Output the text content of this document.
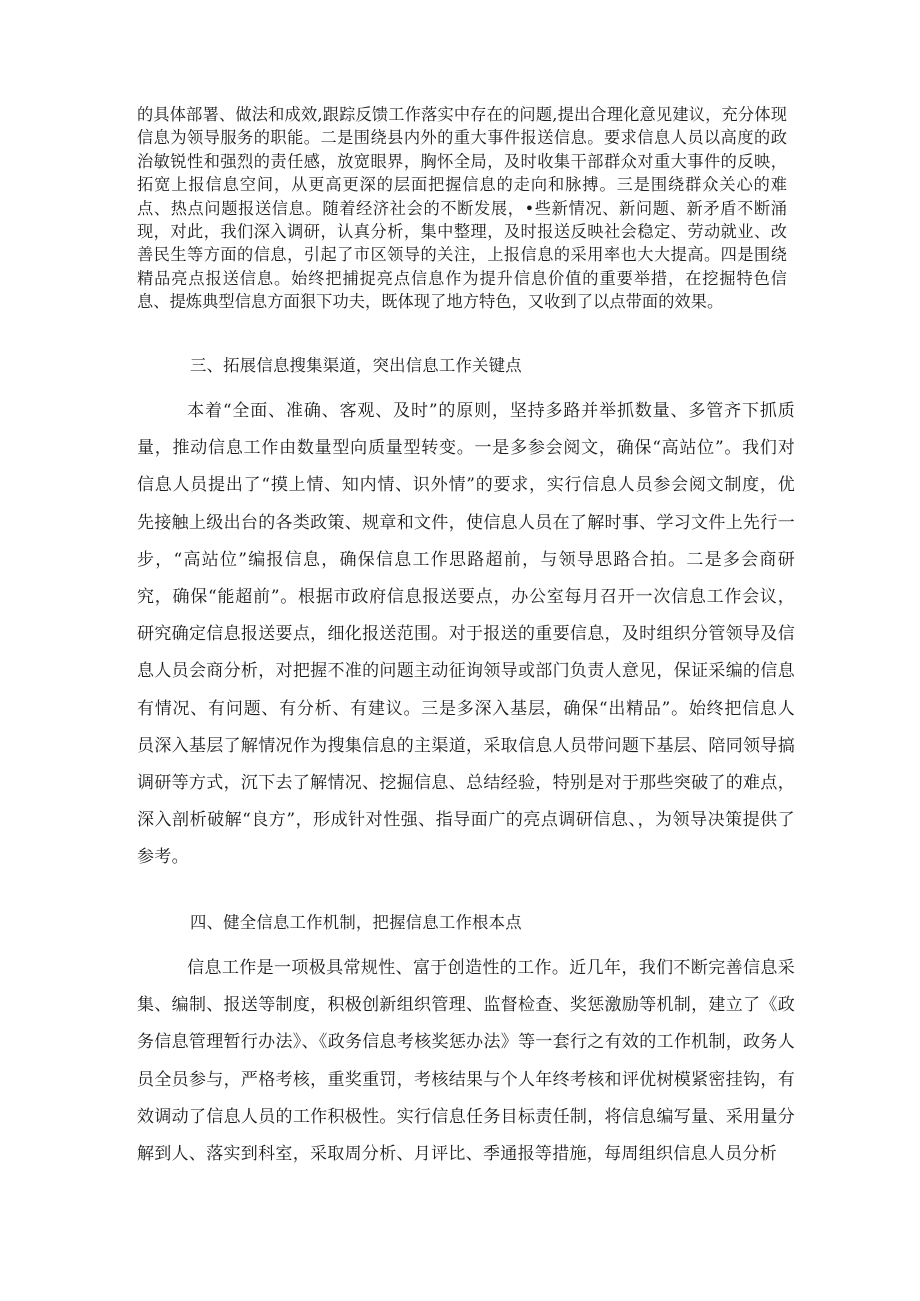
的具体部署、做法和成效,跟踪反馈工作落实中存在的问题,提出合理化意见建议，充分体现信息为领导服务的职能。二是围绕县内外的重大事件报送信息。要求信息人员以高度的政治敏锐性和强烈的责任感，放宽眼界，胸怀全局，及时收集干部群众对重大事件的反映，拓宽上报信息空间，从更高更深的层面把握信息的走向和脉搏。三是围绕群众关心的难点、热点问题报送信息。随着经济社会的不断发展，•些新情况、新问题、新矛盾不断涌现，对此，我们深入调研，认真分析，集中整理，及时报送反映社会稳定、劳动就业、改善民生等方面的信息，引起了市区领导的关注，上报信息的采用率也大大提高。四是围绕精品亮点报送信息。始终把捕捉亮点信息作为提升信息价值的重要举措，在挖掘特色信息、提炼典型信息方面狠下功夫，既体现了地方特色，又收到了以点带面的效果。

三、拓展信息搜集渠道，突出信息工作关键点

本着“全面、准确、客观、及时”的原则，坚持多路并举抓数量、多管齐下抓质量，推动信息工作由数量型向质量型转变。一是多参会阅文，确保“高站位”。我们对信息人员提出了“摸上情、知内情、识外情”的要求，实行信息人员参会阅文制度，优先接触上级出台的各类政策、规章和文件，使信息人员在了解时事、学习文件上先行一步，“高站位”编报信息，确保信息工作思路超前，与领导思路合拍。二是多会商研究，确保“能超前”。根据市政府信息报送要点，办公室每月召开一次信息工作会议，研究确定信息报送要点，细化报送范围。对于报送的重要信息，及时组织分管领导及信息人员会商分析，对把握不准的问题主动征询领导或部门负责人意见，保证采编的信息有情况、有问题、有分析、有建议。三是多深入基层，确保“出精品”。始终把信息人员深入基层了解情况作为搜集信息的主渠道，采取信息人员带问题下基层、陪同领导搞调研等方式，沉下去了解情况、挖掘信息、总结经验，特别是对于那些突破了的难点，深入剖析破解“良方”，形成针对性强、指导面广的亮点调研信息、，为领导决策提供了参考。

四、健全信息工作机制，把握信息工作根本点

信息工作是一项极具常规性、富于创造性的工作。近几年，我们不断完善信息采集、编制、报送等制度，积极创新组织管理、监督检查、奖惩激励等机制，建立了《政务信息管理暂行办法》、《政务信息考核奖惩办法》等一套行之有效的工作机制，政务人员全员参与，严格考核，重奖重罚，考核结果与个人年终考核和评优树模紧密挂钩，有效调动了信息人员的工作积极性。实行信息任务目标责任制，将信息编写量、采用量分解到人、落实到科室，采取周分析、月评比、季通报等措施，每周组织信息人员分析
